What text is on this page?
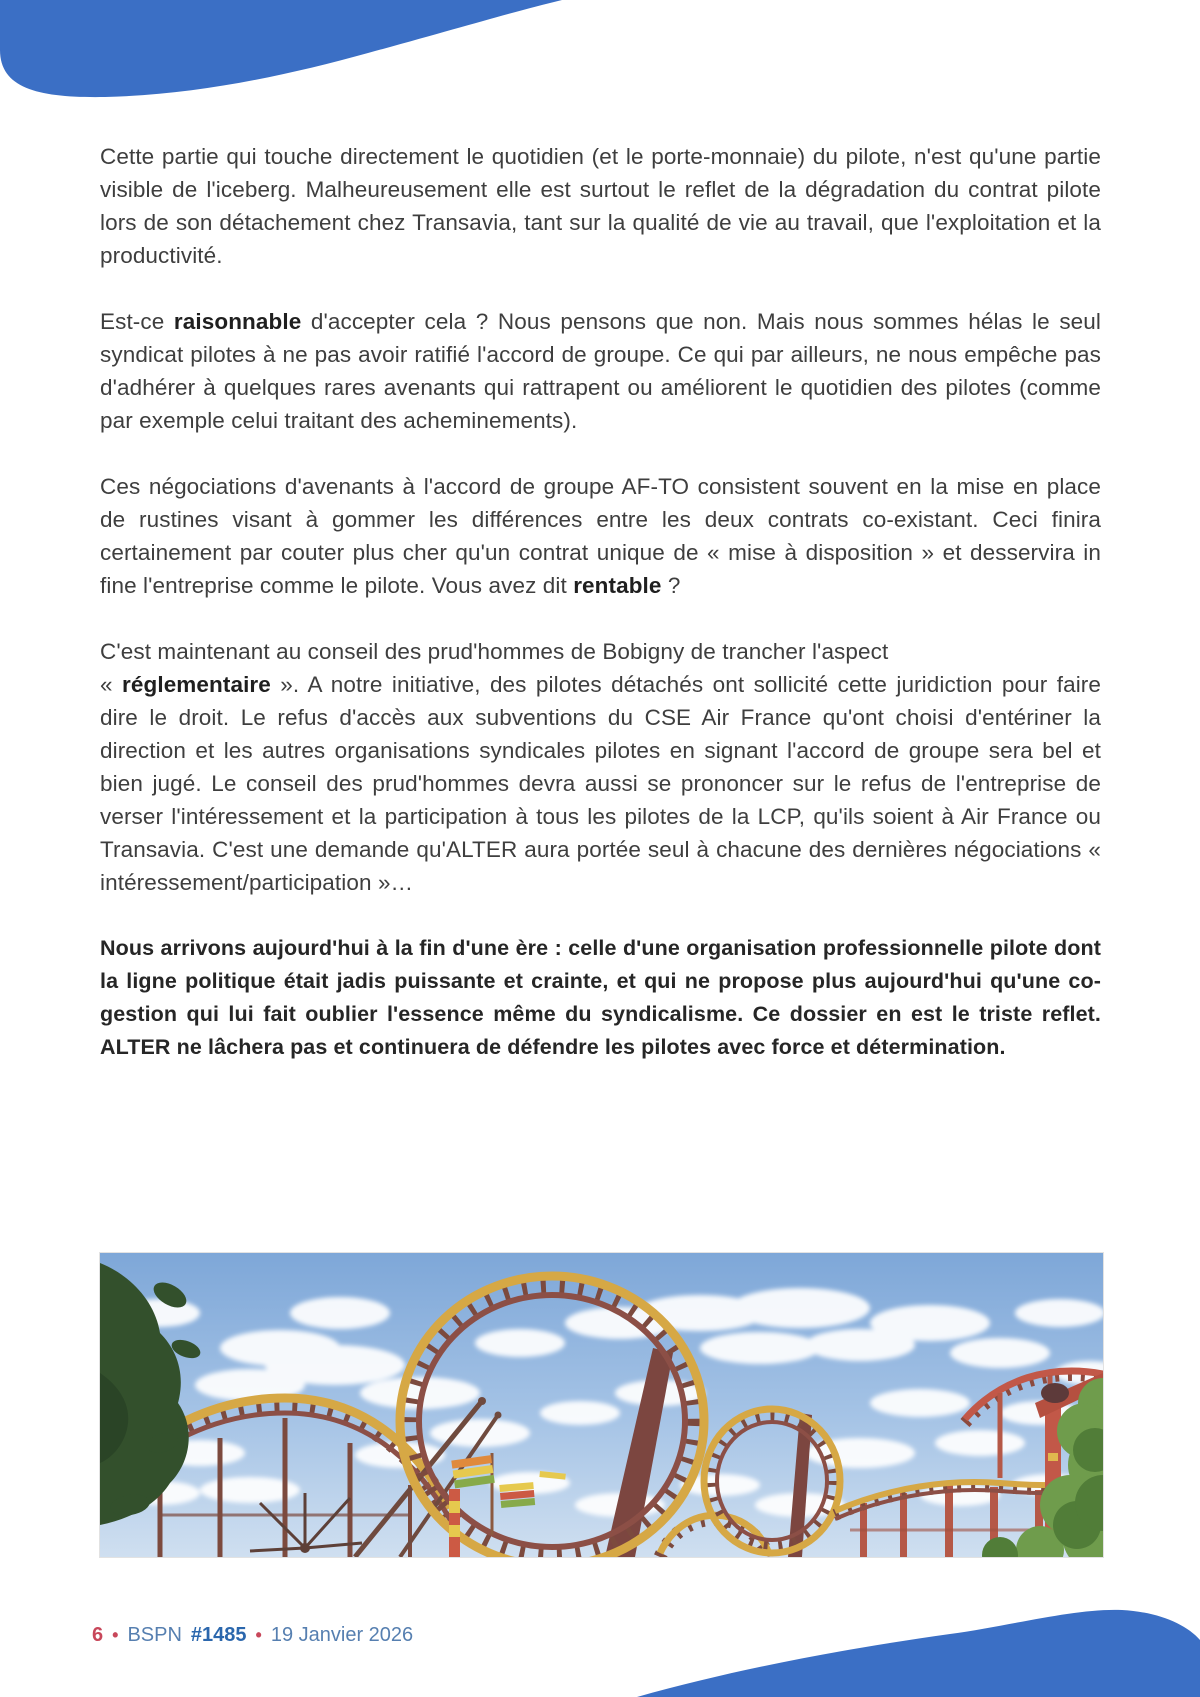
Cette partie qui touche directement le quotidien (et le porte-monnaie) du pilote, n'est qu'une partie visible de l'iceberg. Malheureusement elle est surtout le reflet de la dégradation du contrat pilote lors de son détachement chez Transavia, tant sur la qualité de vie au travail, que l'exploitation et la productivité.

Est-ce raisonnable d'accepter cela ? Nous pensons que non. Mais nous sommes hélas le seul syndicat pilotes à ne pas avoir ratifié l'accord de groupe. Ce qui par ailleurs, ne nous empêche pas d'adhérer à quelques rares avenants qui rattrapent ou améliorent le quotidien des pilotes (comme par exemple celui traitant des acheminements).

Ces négociations d'avenants à l'accord de groupe AF-TO consistent souvent en la mise en place de rustines visant à gommer les différences entre les deux contrats co-existant. Ceci finira certainement par couter plus cher qu'un contrat unique de « mise à disposition » et desservira in fine l'entreprise comme le pilote. Vous avez dit rentable ?

C'est maintenant au conseil des prud'hommes de Bobigny de trancher l'aspect
« réglementaire ». A notre initiative, des pilotes détachés ont sollicité cette juridiction pour faire dire le droit. Le refus d'accès aux subventions du CSE Air France qu'ont choisi d'entériner la direction et les autres organisations syndicales pilotes en signant l'accord de groupe sera bel et bien jugé. Le conseil des prud'hommes devra aussi se prononcer sur le refus de l'entreprise de verser l'intéressement et la participation à tous les pilotes de la LCP, qu'ils soient à Air France ou Transavia. C'est une demande qu'ALTER aura portée seul à chacune des dernières négociations « intéressement/participation »…

Nous arrivons aujourd'hui à la fin d'une ère : celle d'une organisation professionnelle pilote dont la ligne politique était jadis puissante et crainte, et qui ne propose plus aujourd'hui qu'une co-gestion qui lui fait oublier l'essence même du syndicalisme. Ce dossier en est le triste reflet. ALTER ne lâchera pas et continuera de défendre les pilotes avec force et détermination.

6 • BSPN #1485 • 19 Janvier 2026
